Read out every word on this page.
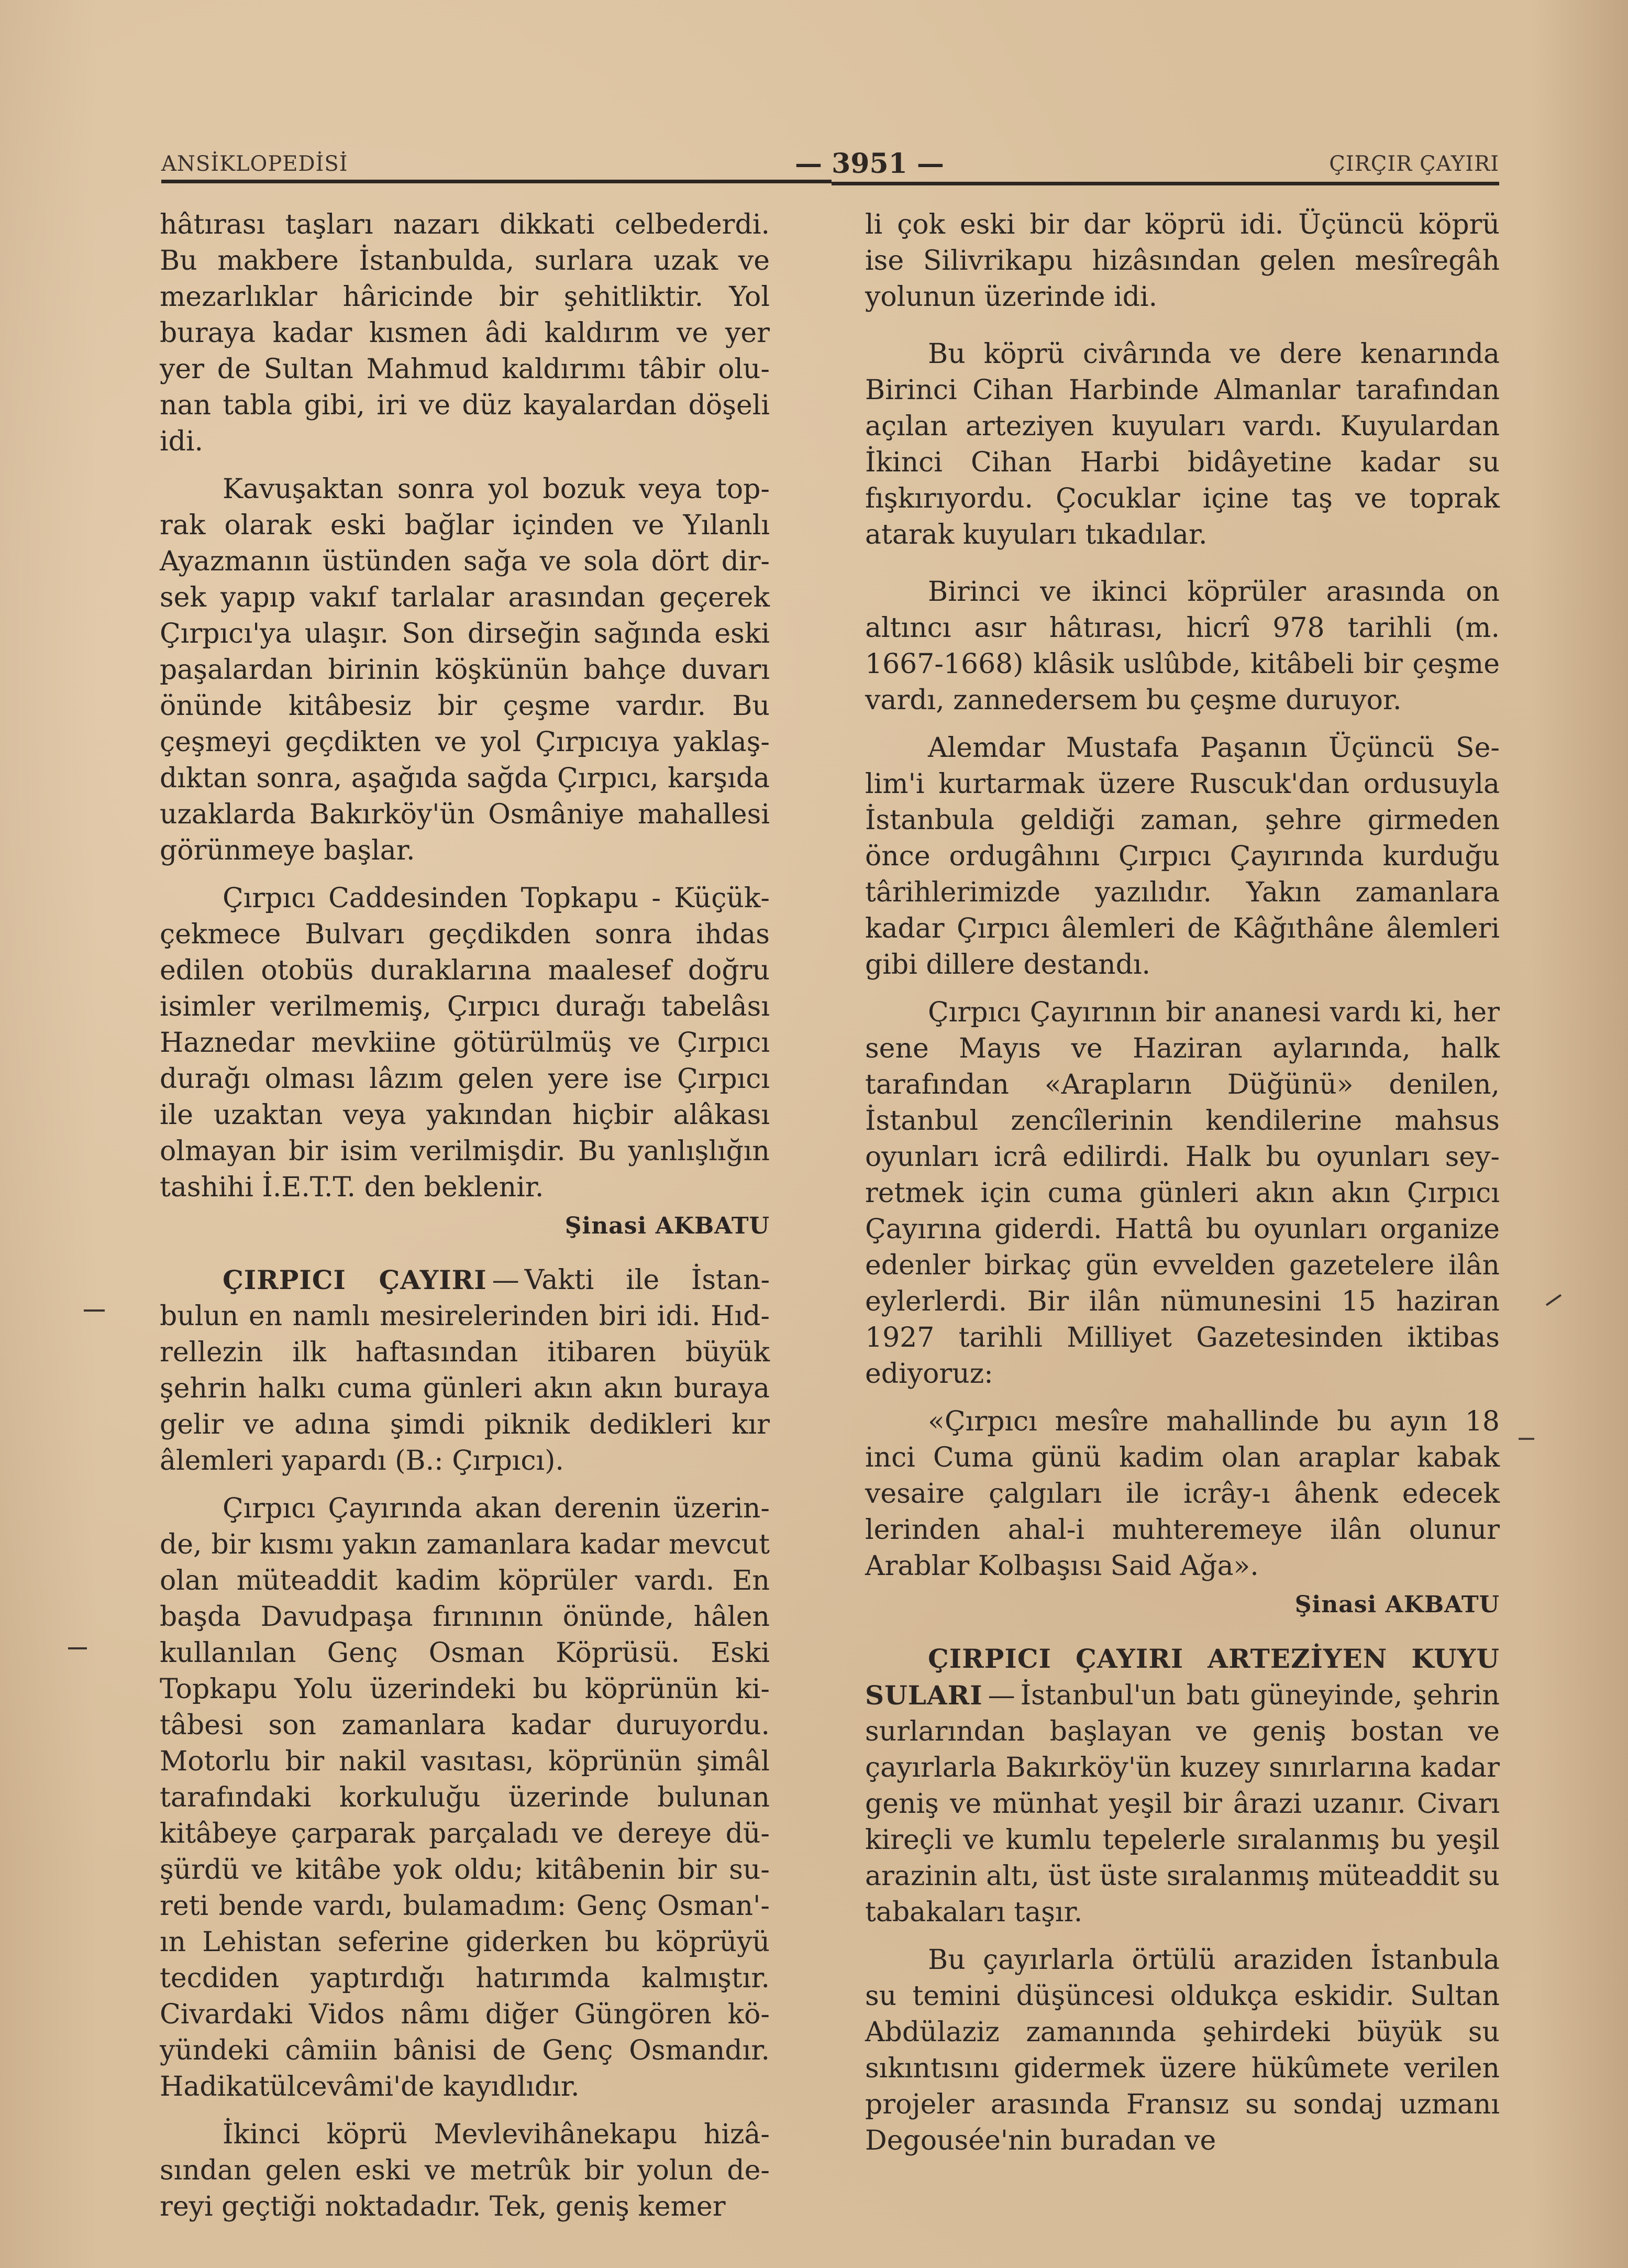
ANSİKLOPEDİSİ	— 3951 —	ÇIRÇIR ÇAYIRI

hâtırası taşları nazarı dikkati celbederdi. Bu makbere İstanbulda, surlara uzak ve mezarlıklar hâricinde bir şehitliktir. Yol buraya kadar kısmen âdi kaldırım ve yer yer de Sultan Mahmud kaldırımı tâbir olunan tabla gibi, iri ve düz kayalardan döşeli idi.

Kavuşaktan sonra yol bozuk veya toprak olarak eski bağlar içinden ve Yılanlı Ayazmanın üstünden sağa ve sola dört dirsek yapıp vakıf tarlalar arasından geçerek Çırpıcı'ya ulaşır. Son dirseğin sağında eski paşalardan birinin köşkünün bahçe duvarı önünde kitâbesiz bir çeşme vardır. Bu çeşmeyi geçdikten ve yol Çırpıcıya yaklaşdıktan sonra, aşağıda sağda Çırpıcı, karşıda uzaklarda Bakırköy'ün Osmâniye mahallesi görünmeye başlar.

Çırpıcı Caddesinden Topkapu - Küçükçekmece Bulvarı geçdikden sonra ihdas edilen otobüs duraklarına maalesef doğru isimler verilmemiş, Çırpıcı durağı tabelâsı Haznedar mevkiine götürülmüş ve Çırpıcı durağı olması lâzım gelen yere ise Çırpıcı ile uzaktan veya yakından hiçbir alâkası olmayan bir isim verilmişdir. Bu yanlışlığın tashihi İ.E.T.T. den beklenir.

Şinasi AKBATU

ÇIRPICI ÇAYIRI — Vakti ile İstanbulun en namlı mesirelerinden biri idi. Hıdrellezin ilk haftasından itibaren büyük şehrin halkı cuma günleri akın akın buraya gelir ve adına şimdi piknik dedikleri kır âlemleri yapardı (B.: Çırpıcı).

Çırpıcı Çayırında akan derenin üzerinde, bir kısmı yakın zamanlara kadar mevcut olan müteaddit kadim köprüler vardı. En başda Davudpaşa fırınının önünde, hâlen kullanılan Genç Osman Köprüsü. Eski Topkapu Yolu üzerindeki bu köprünün kitâbesi son zamanlara kadar duruyordu. Motorlu bir nakil vasıtası, köprünün şimâl tarafındaki korkuluğu üzerinde bulunan kitâbeye çarparak parçaladı ve dereye düşürdü ve kitâbe yok oldu; kitâbenin bir sureti bende vardı, bulamadım: Genç Osman'ın Lehistan seferine giderken bu köprüyü tecdiden yaptırdığı hatırımda kalmıştır. Civardaki Vidos nâmı diğer Güngören köyündeki câmiin bânisi de Genç Osmandır. Hadikatülcevâmi'de kayıdlıdır.

İkinci köprü Mevlevihânekapu hizâsından gelen eski ve metrûk bir yolun dereyi geçtiği noktadadır. Tek, geniş kemer

li çok eski bir dar köprü idi. Üçüncü köprü ise Silivrikapu hizâsından gelen mesîregâh yolunun üzerinde idi.

Bu köprü civârında ve dere kenarında Birinci Cihan Harbinde Almanlar tarafından açılan arteziyen kuyuları vardı. Kuyulardan İkinci Cihan Harbi bidâyetine kadar su fışkırıyordu. Çocuklar içine taş ve toprak atarak kuyuları tıkadılar.

Birinci ve ikinci köprüler arasında on altıncı asır hâtırası, hicrî 978 tarihli (m. 1667-1668) klâsik uslûbde, kitâbeli bir çeşme vardı, zannedersem bu çeşme duruyor.

Alemdar Mustafa Paşanın Üçüncü Selim'i kurtarmak üzere Ruscuk'dan ordusuyla İstanbula geldiği zaman, şehre girmeden önce ordugâhını Çırpıcı Çayırında kurduğu târihlerimizde yazılıdır. Yakın zamanlara kadar Çırpıcı âlemleri de Kâğıthâne âlemleri gibi dillere destandı.

Çırpıcı Çayırının bir ananesi vardı ki, her sene Mayıs ve Haziran aylarında, halk tarafından «Arapların Düğünü» denilen, İstanbul zencîlerinin kendilerine mahsus oyunları icrâ edilirdi. Halk bu oyunları seyretmek için cuma günleri akın akın Çırpıcı Çayırına giderdi. Hattâ bu oyunları organize edenler birkaç gün evvelden gazetelere ilân eylerlerdi. Bir ilân nümunesini 15 haziran 1927 tarihli Milliyet Gazetesinden iktibas ediyoruz:

«Çırpıcı mesîre mahallinde bu ayın 18 inci Cuma günü kadim olan araplar kabak vesaire çalgıları ile icrây-ı âhenk edecek lerinden ahal-i muhteremeye ilân olunur Arablar Kolbaşısı Said Ağa».

Şinasi AKBATU

ÇIRPICI ÇAYIRI ARTEZİYEN KUYU SULARI — İstanbul'un batı güneyinde, şehrin surlarından başlayan ve geniş bostan ve çayırlarla Bakırköy'ün kuzey sınırlarına kadar geniş ve münhat yeşil bir ârazi uzanır. Civarı kireçli ve kumlu tepelerle sıralanmış bu yeşil arazinin altı, üst üste sıralanmış müteaddit su tabakaları taşır.

Bu çayırlarla örtülü araziden İstanbula su temini düşüncesi oldukça eskidir. Sultan Abdülaziz zamanında şehirdeki büyük su sıkıntısını gidermek üzere hükûmete verilen projeler arasında Fransız su sondaj uzmanı Degousée'nin buradan ve
